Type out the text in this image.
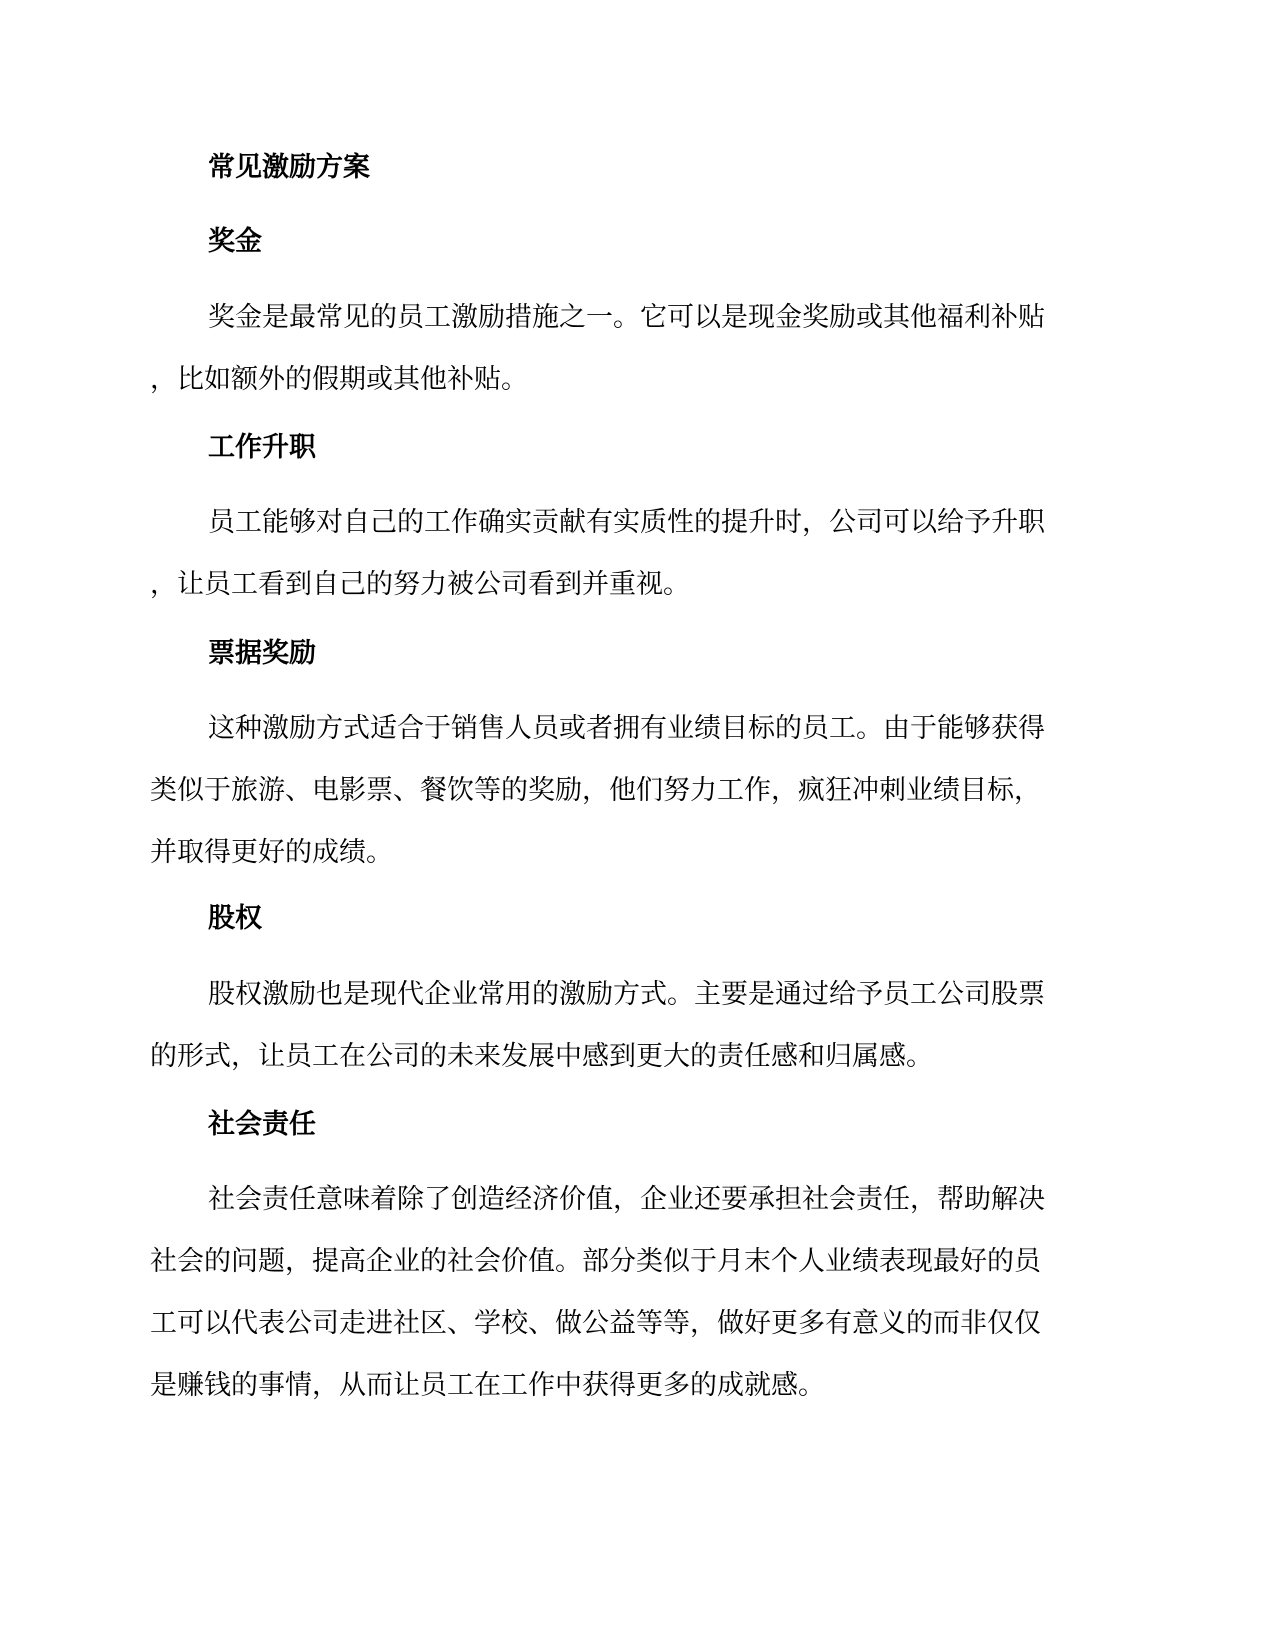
常见激励方案
奖金

奖金是最常见的员工激励措施之一。它可以是现金奖励或其他福利补贴
，比如额外的假期或其他补贴。

工作升职

员工能够对自己的工作确实贡献有实质性的提升时，公司可以给予升职
，让员工看到自己的努力被公司看到并重视。

票据奖励

这种激励方式适合于销售人员或者拥有业绩目标的员工。由于能够获得
类似于旅游、电影票、餐饮等的奖励，他们努力工作，疯狂冲刺业绩目标，
并取得更好的成绩。

股权

股权激励也是现代企业常用的激励方式。主要是通过给予员工公司股票
的形式，让员工在公司的未来发展中感到更大的责任感和归属感。

社会责任

社会责任意味着除了创造经济价值，企业还要承担社会责任，帮助解决
社会的问题，提高企业的社会价值。部分类似于月末个人业绩表现最好的员
工可以代表公司走进社区、学校、做公益等等，做好更多有意义的而非仅仅
是赚钱的事情，从而让员工在工作中获得更多的成就感。
